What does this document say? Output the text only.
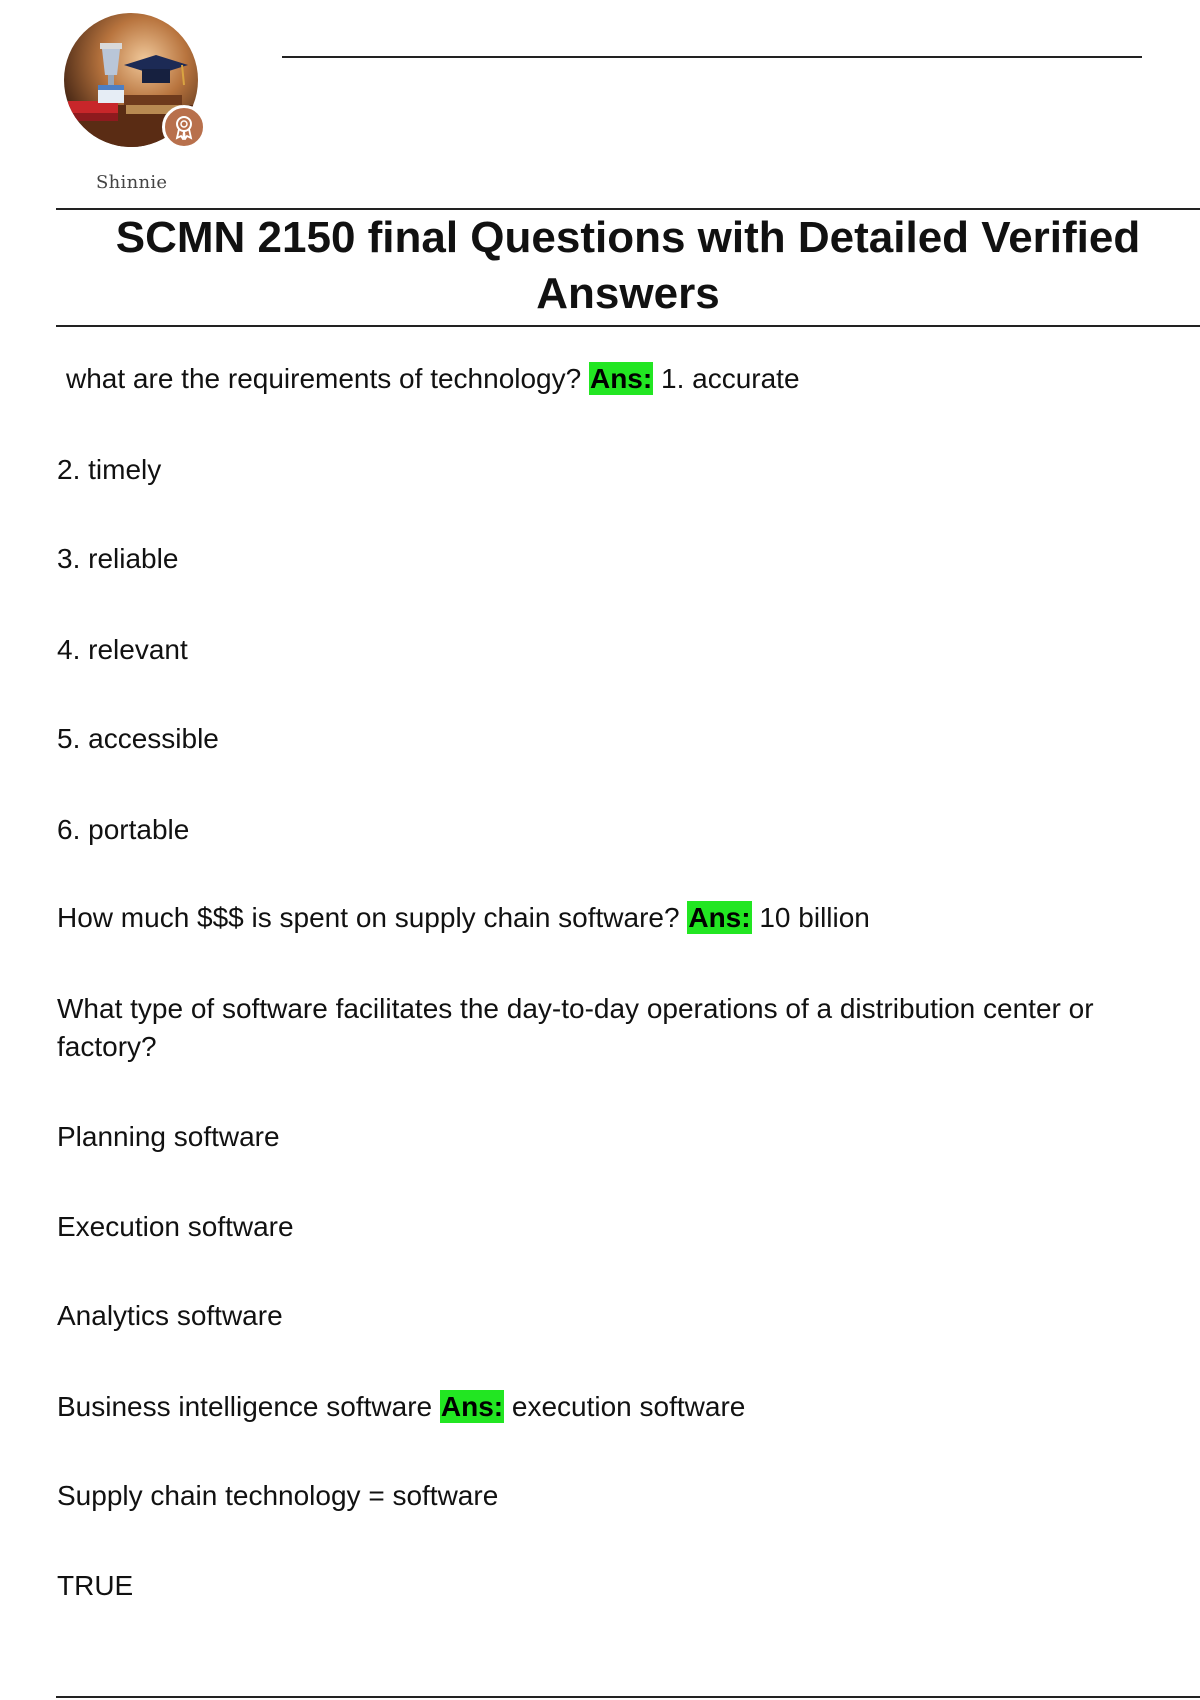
Shinnie
SCMN 2150 final Questions with Detailed Verified Answers
what are the requirements of technology? Ans: 1. accurate
2. timely
3. reliable
4. relevant
5. accessible
6. portable
How much $$$ is spent on supply chain software? Ans: 10 billion
What type of software facilitates the day-to-day operations of a distribution center or factory?
Planning software
Execution software
Analytics software
Business intelligence software Ans: execution software
Supply chain technology = software
TRUE
